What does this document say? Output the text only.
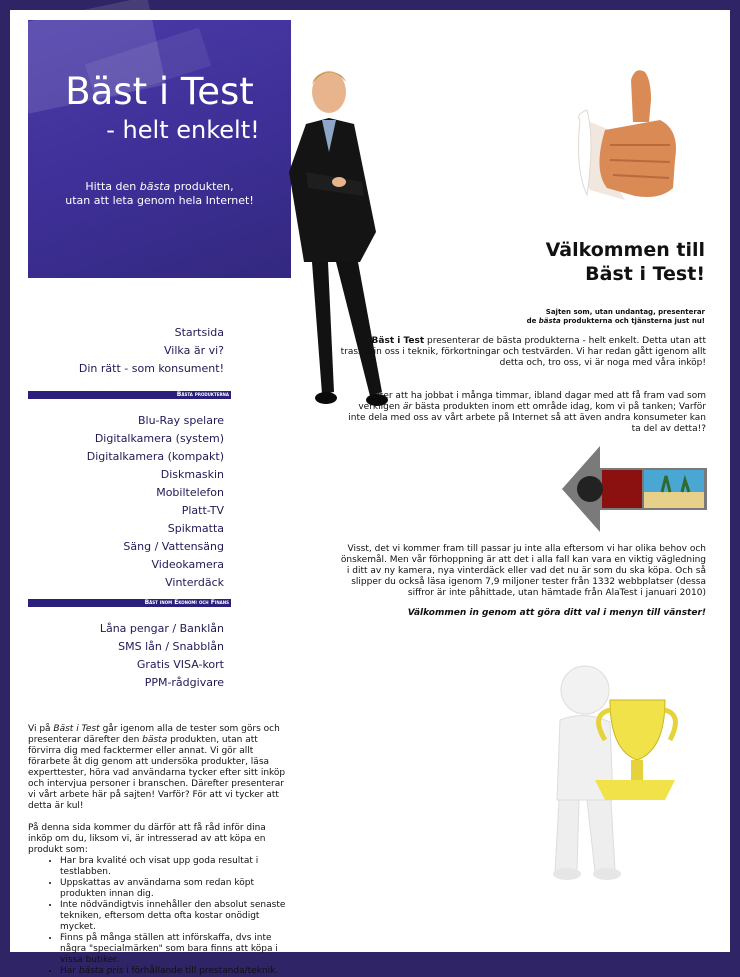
Bäst i Test
- helt enkelt!
Hitta den bästa produkten,
utan att leta genom hela Internet!
Välkommen till
Bäst i Test!
Sajten som, utan undantag, presenterar
de bästa produkterna och tjänsterna just nu!
Bäst i Test presenterar de bästa produkterna - helt enkelt. Detta utan att trassla in oss i teknik, förkortningar och testvärden. Vi har redan gått igenom allt detta och, tro oss, vi är noga med våra inköp!
Efter att ha jobbat i många timmar, ibland dagar med att få fram vad som verkligen är bästa produkten inom ett område idag, kom vi på tanken; Varför inte dela med oss av vårt arbete på Internet så att även andra konsumeter kan ta del av detta!?
Visst, det vi kommer fram till passar ju inte alla eftersom vi har olika behov och önskemål. Men vår förhoppning är att det i alla fall kan vara en viktig vägledning i ditt av ny kamera, nya vinterdäck eller vad det nu är som du ska köpa. Och så slipper du också läsa igenom 7,9 miljoner tester från 1332 webbplatser (dessa siffror är inte påhittade, utan hämtade från AlaTest i januari 2010)
Välkommen in genom att göra ditt val i menyn till vänster!
Startsida
Vilka är vi?
Din rätt - som konsument!
Bästa produkterna
Blu-Ray spelare
Digitalkamera (system)
Digitalkamera (kompakt)
Diskmaskin
Mobiltelefon
Platt-TV
Spikmatta
Säng / Vattensäng
Videokamera
Vinterdäck
Bäst inom Ekonomi och Finans
Låna pengar / Banklån
SMS lån / Snabblån
Gratis VISA-kort
PPM-rådgivare

Vi på Bäst i Test går igenom alla de tester som görs och presenterar därefter den bästa produkten, utan att förvirra dig med facktermer eller annat. Vi gör allt förarbete åt dig genom att undersöka produkter, läsa experttester, höra vad användarna tycker efter sitt inköp och intervjua personer i branschen. Därefter presenterar vi vårt arbete här på sajten! Varför? För att vi tycker att detta är kul!

På denna sida kommer du därför att få råd inför dina inköp om du, liksom vi, är intresserad av att köpa en produkt som:
• Har bra kvalité och visat upp goda resultat i testlabben.
• Uppskattas av användarna som redan köpt produkten innan dig.
• Inte nödvändigtvis innehåller den absolut senaste tekniken, eftersom detta ofta kostar onödigt mycket.
• Finns på många ställen att införskaffa, dvs inte några "specialmärken" som bara finns att köpa i vissa butiker.
• Har bästa pris i förhållande till prestanda/teknik.
